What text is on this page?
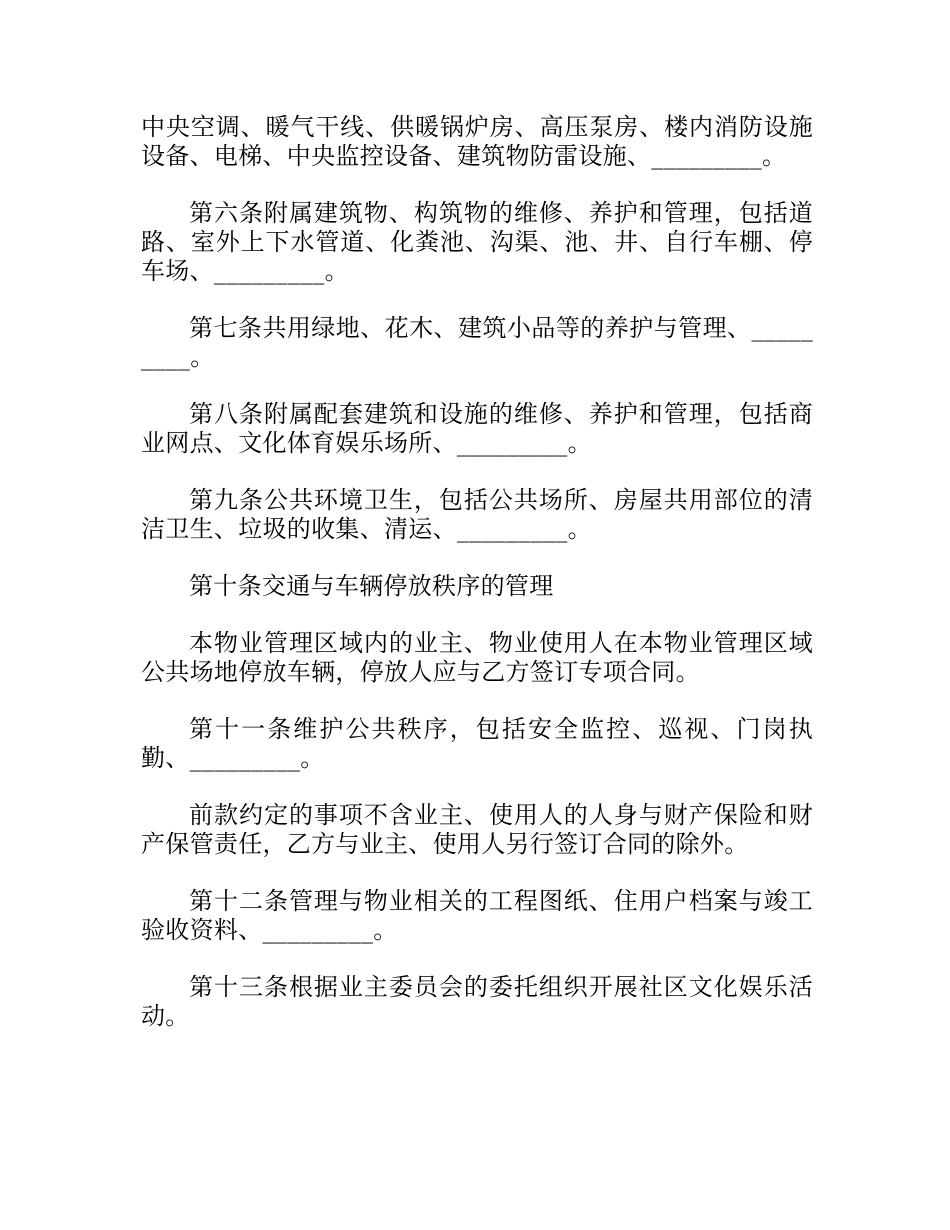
中央空调、暖气干线、供暖锅炉房、高压泵房、楼内消防设施设备、电梯、中央监控设备、建筑物防雷设施、_________。

第六条附属建筑物、构筑物的维修、养护和管理，包括道路、室外上下水管道、化粪池、沟渠、池、井、自行车棚、停车场、_________。

第七条共用绿地、花木、建筑小品等的养护与管理、_________。

第八条附属配套建筑和设施的维修、养护和管理，包括商业网点、文化体育娱乐场所、_________。

第九条公共环境卫生，包括公共场所、房屋共用部位的清洁卫生、垃圾的收集、清运、_________。

第十条交通与车辆停放秩序的管理

本物业管理区域内的业主、物业使用人在本物业管理区域公共场地停放车辆，停放人应与乙方签订专项合同。

第十一条维护公共秩序，包括安全监控、巡视、门岗执勤、_________。

前款约定的事项不含业主、使用人的人身与财产保险和财产保管责任，乙方与业主、使用人另行签订合同的除外。

第十二条管理与物业相关的工程图纸、住用户档案与竣工验收资料、_________。

第十三条根据业主委员会的委托组织开展社区文化娱乐活动。
